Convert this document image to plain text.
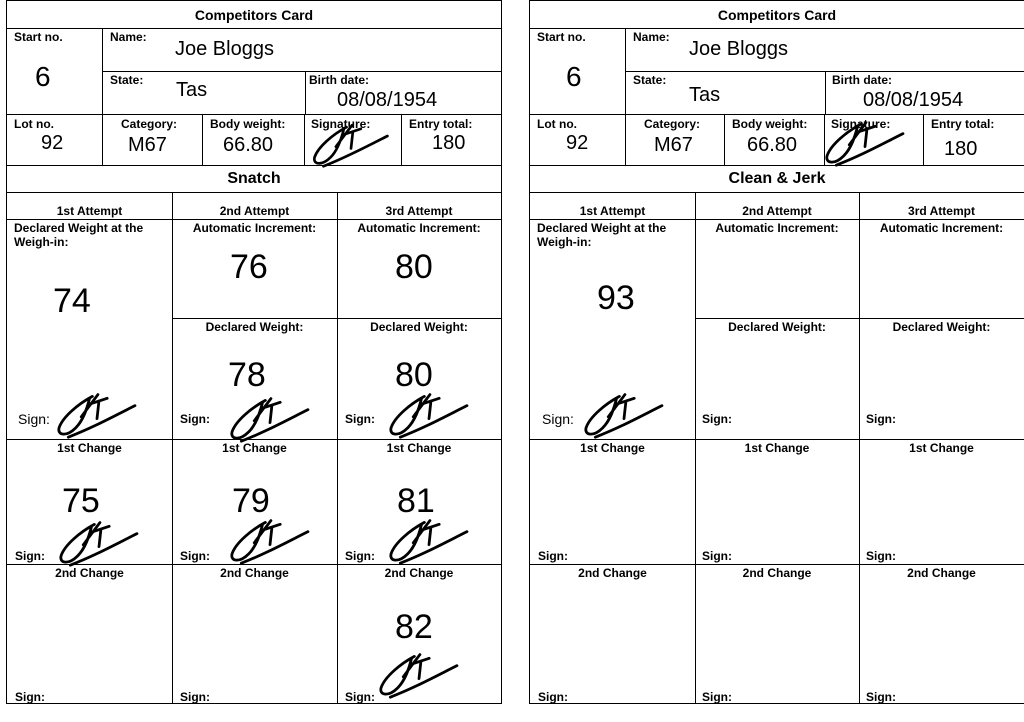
Competitors Card
Start no.
6
Name:
Joe Bloggs
State: Tas	Birth date:
08/08/1954
Lot no.
92
Category:
M67
Body weight:
66.80
Signature:	Entry total:
180
Snatch
1st Attempt
Declared Weight at the Weigh-in:
74
Sign:
1st Change
75
Sign:
2nd Change
Sign:
2nd Attempt
Automatic Increment:
76
Declared Weight:
78
Sign:
1st Change
79
Sign:
2nd Change
Sign:
3rd Attempt
Automatic Increment:
80
Declared Weight:
80
Sign:
1st Change
81
Sign:
2nd Change
82
Sign:
Competitors Card
Start no.
6
Name:
Joe Bloggs
State:
Tas
Birth date:
08/08/1954
Lot no.
92
Category:
M67
Body weight:
66.80
Signature:	Entry total:
180
Clean & Jerk
1st Attempt
Declared Weight at the Weigh-in:
93
Sign:
1st Change
Sign:
2nd Change
Sign:
2nd Attempt
Automatic Increment:
Declared Weight:
Sign:
1st Change
Sign:
2nd Change
Sign:
3rd Attempt
Automatic Increment:
Declared Weight:
Sign:
1st Change
Sign:
2nd Change
Sign:
